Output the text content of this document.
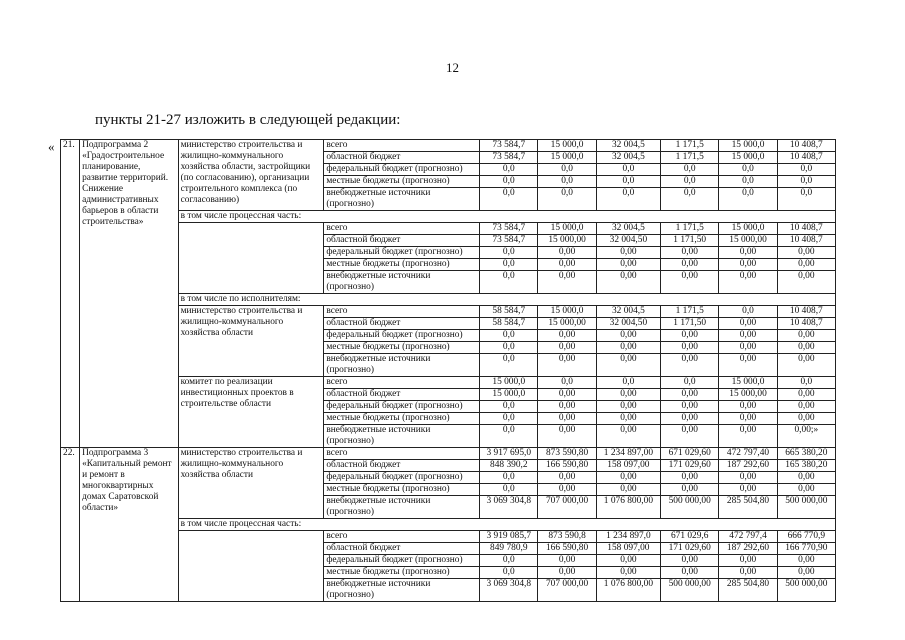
12
пункты 21-27 изложить в следующей редакции:
« 21.	Подпрограмма 2 «Градостроительное планирование, развитие территорий. Снижение административных барьеров в области строительства»	министерство строительства и жилищно-коммунального хозяйства области, застройщики (по согласованию), организации строительного комплекса (по согласованию)	всего	73 584,7	15 000,0	32 004,5	1 171,5	15 000,0	10 408,7
			областной бюджет	73 584,7	15 000,0	32 004,5	1 171,5	15 000,0	10 408,7
			федеральный бюджет (прогнозно)	0,0	0,0	0,0	0,0	0,0	0,0
			местные бюджеты (прогнозно)	0,0	0,0	0,0	0,0	0,0	0,0
			внебюджетные источники (прогнозно)	0,0	0,0	0,0	0,0	0,0	0,0
		в том числе процессная часть:							
			всего	73 584,7	15 000,0	32 004,5	1 171,5	15 000,0	10 408,7
			областной бюджет	73 584,7	15 000,00	32 004,50	1 171,50	15 000,00	10 408,7
			федеральный бюджет (прогнозно)	0,0	0,00	0,00	0,00	0,00	0,00
			местные бюджеты (прогнозно)	0,0	0,00	0,00	0,00	0,00	0,00
			внебюджетные источники (прогнозно)	0,0	0,00	0,00	0,00	0,00	0,00
		в том числе по исполнителям:							
		министерство строительства и жилищно-коммунального хозяйства области	всего	58 584,7	15 000,0	32 004,5	1 171,5	0,0	10 408,7
			областной бюджет	58 584,7	15 000,00	32 004,50	1 171,50	0,00	10 408,7
			федеральный бюджет (прогнозно)	0,0	0,00	0,00	0,00	0,00	0,00
			местные бюджеты (прогнозно)	0,0	0,00	0,00	0,00	0,00	0,00
			внебюджетные источники (прогнозно)	0,0	0,00	0,00	0,00	0,00	0,00
		комитет по реализации инвестиционных проектов в строительстве области	всего	15 000,0	0,0	0,0	0,0	15 000,0	0,0
			областной бюджет	15 000,0	0,00	0,00	0,00	15 000,00	0,00
			федеральный бюджет (прогнозно)	0,0	0,00	0,00	0,00	0,00	0,00
			местные бюджеты (прогнозно)	0,0	0,00	0,00	0,00	0,00	0,00
			внебюджетные источники (прогнозно)	0,0	0,00	0,00	0,00	0,00	0,00;»
22.	Подпрограмма 3 «Капитальный ремонт и ремонт в многоквартирных домах Саратовской области»	министерство строительства и жилищно-коммунального хозяйства области	всего	3 917 695,0	873 590,80	1 234 897,00	671 029,60	472 797,40	665 380,20
			областной бюджет	848 390,2	166 590,80	158 097,00	171 029,60	187 292,60	165 380,20
			федеральный бюджет (прогнозно)	0,0	0,00	0,00	0,00	0,00	0,00
			местные бюджеты (прогнозно)	0,0	0,00	0,00	0,00	0,00	0,00
			внебюджетные источники (прогнозно)	3 069 304,8	707 000,00	1 076 800,00	500 000,00	285 504,80	500 000,00
		в том числе процессная часть:							
			всего	3 919 085,7	873 590,8	1 234 897,0	671 029,6	472 797,4	666 770,9
			областной бюджет	849 780,9	166 590,80	158 097,00	171 029,60	187 292,60	166 770,90
			федеральный бюджет (прогнозно)	0,0	0,00	0,00	0,00	0,00	0,00
			местные бюджеты (прогнозно)	0,0	0,00	0,00	0,00	0,00	0,00
			внебюджетные источники (прогнозно)	3 069 304,8	707 000,00	1 076 800,00	500 000,00	285 504,80	500 000,00
